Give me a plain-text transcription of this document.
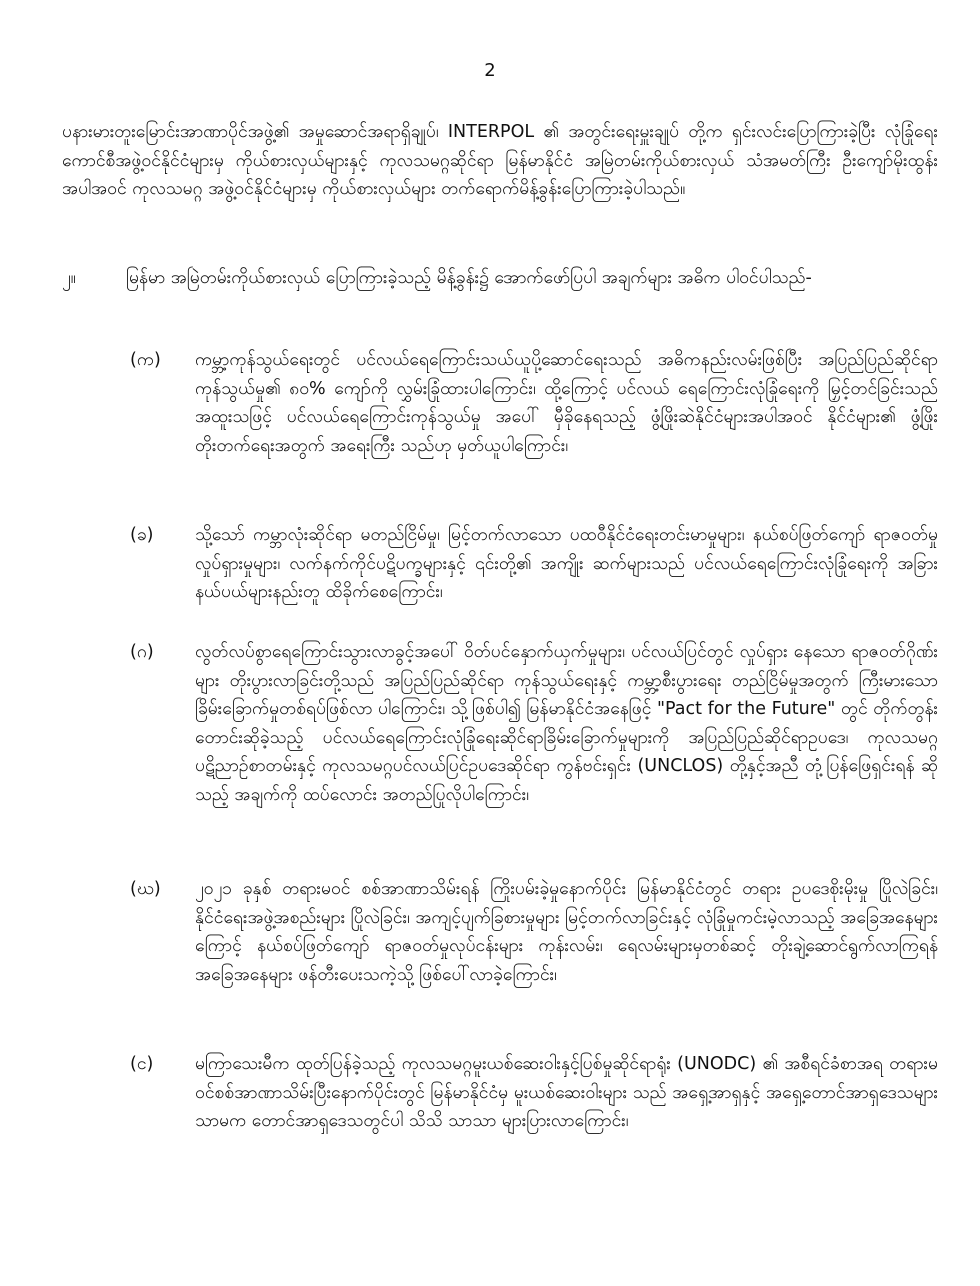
2

ပနားမားတူးမြောင်းအာဏာပိုင်အဖွဲ့၏ အမှုဆောင်အရာရှိချုပ်၊ INTERPOL ၏ အတွင်းရေးမှူးချုပ် တို့က ရှင်းလင်းပြောကြားခဲ့ပြီး လုံခြုံရေးကောင်စီအဖွဲ့ဝင်နိုင်ငံများမှ ကိုယ်စားလှယ်များနှင့် ကုလသမဂ္ဂဆိုင်ရာ မြန်မာနိုင်ငံ အမြဲတမ်းကိုယ်စားလှယ် သံအမတ်ကြီး ဦးကျော်မိုးထွန်း အပါအဝင် ကုလသမဂ္ဂ အဖွဲ့ဝင်နိုင်ငံများမှ ကိုယ်စားလှယ်များ တက်ရောက်မိန့်ခွန်းပြောကြားခဲ့ပါသည်။

၂။	မြန်မာ အမြဲတမ်းကိုယ်စားလှယ် ပြောကြားခဲ့သည့် မိန့်ခွန်း၌ အောက်ဖော်ပြပါ အချက်များ အဓိက ပါဝင်ပါသည်-

(က) ကမ္ဘာ့ကုန်သွယ်ရေးတွင် ပင်လယ်ရေကြောင်းသယ်ယူပို့ဆောင်ရေးသည် အဓိကနည်းလမ်းဖြစ်ပြီး အပြည်ပြည်ဆိုင်ရာကုန်သွယ်မှု၏ ၈၀% ကျော်ကို လွှမ်းခြုံထားပါကြောင်း၊ ထို့ကြောင့် ပင်လယ် ရေကြောင်းလုံခြုံရေးကို မြှင့်တင်ခြင်းသည် အထူးသဖြင့် ပင်လယ်ရေကြောင်းကုန်သွယ်မှု အပေါ် မှီခိုနေရသည့် ဖွံ့ဖြိုးဆဲနိုင်ငံများအပါအဝင် နိုင်ငံများ၏ ဖွံ့ဖြိုးတိုးတက်ရေးအတွက် အရေးကြီး သည်ဟု မှတ်ယူပါကြောင်း၊

(ခ) သို့သော် ကမ္ဘာလုံးဆိုင်ရာ မတည်ငြိမ်မှု၊ မြင့်တက်လာသော ပထဝီနိုင်ငံရေးတင်းမာမှုများ၊ နယ်စပ်ဖြတ်ကျော် ရာဇဝတ်မှုလှုပ်ရှားမှုများ၊ လက်နက်ကိုင်ပဋိပက္ခများနှင့် ၎င်းတို့၏ အကျိုး ဆက်များသည် ပင်လယ်ရေကြောင်းလုံခြုံရေးကို အခြားနယ်ပယ်များနည်းတူ ထိခိုက်စေကြောင်း၊

(ဂ) လွတ်လပ်စွာရေကြောင်းသွားလာခွင့်အပေါ် ဝိတ်ပင်နှောက်ယှက်မှုများ၊ ပင်လယ်ပြင်တွင် လှုပ်ရှား နေသော ရာဇဝတ်ဂိုဏ်းများ တိုးပွားလာခြင်းတို့သည် အပြည်ပြည်ဆိုင်ရာ ကုန်သွယ်ရေးနှင့် ကမ္ဘာ့စီးပွားရေး တည်ငြိမ်မှုအတွက် ကြီးမားသော ခြိမ်းခြောက်မှုတစ်ရပ်ဖြစ်လာ ပါကြောင်း၊ သို့ဖြစ်ပါ၍ မြန်မာနိုင်ငံအနေဖြင့် "Pact for the Future" တွင် တိုက်တွန်းတောင်းဆိုခဲ့သည့် ပင်လယ်ရေကြောင်းလုံခြုံရေးဆိုင်ရာခြိမ်းခြောက်မှုများကို အပြည်ပြည်ဆိုင်ရာဥပဒေ၊ ကုလသမဂ္ဂ ပဋိညာဉ်စာတမ်းနှင့် ကုလသမဂ္ဂပင်လယ်ပြင်ဥပဒေဆိုင်ရာ ကွန်ဗင်းရှင်း (UNCLOS) တို့နှင့်အညီ တုံ့ပြန်ဖြေရှင်းရန် ဆိုသည့် အချက်ကို ထပ်လောင်း အတည်ပြုလိုပါကြောင်း၊

(ဃ) ၂၀၂၁ ခုနှစ် တရားမဝင် စစ်အာဏာသိမ်းရန် ကြိုးပမ်းခဲ့မှုနောက်ပိုင်း မြန်မာနိုင်ငံတွင် တရား ဥပဒေစိုးမိုးမှု ပြိုလဲခြင်း၊ နိုင်ငံရေးအဖွဲ့အစည်းများ ပြိုလဲခြင်း၊ အကျင့်ပျက်ခြစားမှုများ မြင့်တက်လာခြင်းနှင့် လုံခြုံမှုကင်းမဲ့လာသည့် အခြေအနေများကြောင့် နယ်စပ်ဖြတ်ကျော် ရာဇဝတ်မှုလုပ်ငန်းများ ကုန်းလမ်း၊ ရေလမ်းများမှတစ်ဆင့် တိုးချဲ့ဆောင်ရွက်လာကြရန် အခြေအနေများ ဖန်တီးပေးသကဲ့သို့ ဖြစ်ပေါ်လာခဲ့ကြောင်း၊

(င) မကြာသေးမီက ထုတ်ပြန်ခဲ့သည့် ကုလသမဂ္ဂမူးယစ်ဆေးဝါးနှင့်ပြစ်မှုဆိုင်ရာရုံး (UNODC) ၏ အစီရင်ခံစာအရ တရားမဝင်စစ်အာဏာသိမ်းပြီးနောက်ပိုင်းတွင် မြန်မာနိုင်ငံမှ မူးယစ်ဆေးဝါးများ သည် အရှေ့အာရှနှင့် အရှေ့တောင်အာရှဒေသများသာမက တောင်အာရှဒေသတွင်ပါ သိသိ သာသာ များပြားလာကြောင်း၊
